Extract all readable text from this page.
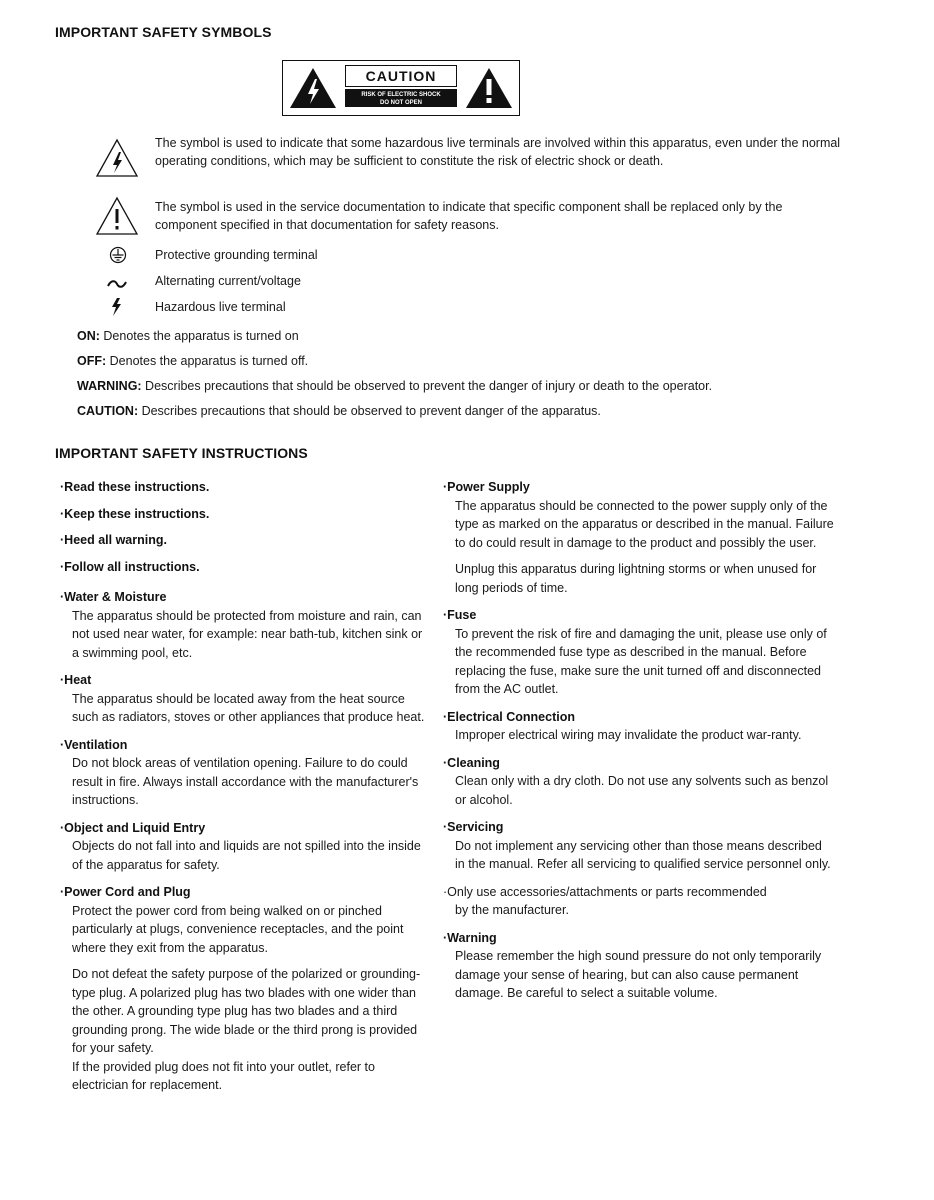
IMPORTANT SAFETY SYMBOLS
CAUTION
RISK OF ELECTRIC SHOCK
DO NOT OPEN
The symbol is used to indicate that some hazardous live terminals are involved within this apparatus, even under the normal operating conditions, which may be sufficient to constitute the risk of electric shock or death.
The symbol is used in the service documentation to indicate that specific component shall be replaced only by the component specified in that documentation for safety reasons.
Protective grounding terminal
Alternating current/voltage
Hazardous live terminal
ON: Denotes the apparatus is turned on
OFF: Denotes the apparatus is turned off.
WARNING: Describes precautions that should be observed to prevent the danger of injury or death to the operator.
CAUTION: Describes precautions that should be observed to prevent danger of the apparatus.
IMPORTANT SAFETY INSTRUCTIONS
·Read these instructions.
·Keep these instructions.
·Heed all warning.
·Follow all instructions.
·Water & Moisture

The apparatus should be protected from moisture and rain, can not used near water, for example: near bath-tub, kitchen sink or a swimming pool, etc.

·Heat

The apparatus should be located away from the heat source such as radiators, stoves or other appliances that produce heat.

·Ventilation

Do not block areas of ventilation opening. Failure to do could result in fire. Always install accordance with the manufacturer's instructions.

·Object and Liquid Entry

Objects do not fall into and liquids are not spilled into the inside of the apparatus for safety.

·Power Cord and Plug

Protect the power cord from being walked on or pinched particularly at plugs, convenience receptacles, and the point where they exit from the apparatus.

Do not defeat the safety purpose of the polarized or grounding-type plug. A polarized plug has two blades with one wider than the other. A grounding type plug has two blades and a third grounding prong. The wide blade or the third prong is provided for your safety.

If the provided plug does not fit into your outlet, refer to electrician for replacement.

·Power Supply

The apparatus should be connected to the power supply only of the type as marked on the apparatus or described in the manual. Failure to do could result in damage to the product and possibly the user.

Unplug this apparatus during lightning storms or when unused for long periods of time.

·Fuse

To prevent the risk of fire and damaging the unit, please use only of the recommended fuse type as described in the manual. Before replacing the fuse, make sure the unit turned off and disconnected from the AC outlet.

·Electrical Connection

Improper electrical wiring may invalidate the product war-ranty.

·Cleaning

Clean only with a dry cloth. Do not use any solvents such as benzol or alcohol.

·Servicing

Do not implement any servicing other than those means described in the manual. Refer all servicing to qualified service personnel only.

·Only use accessories/attachments or parts recommended

by the manufacturer.

·Warning

Please remember the high sound pressure do not only temporarily damage your sense of hearing, but can also cause permanent damage. Be careful to select a suitable volume.
